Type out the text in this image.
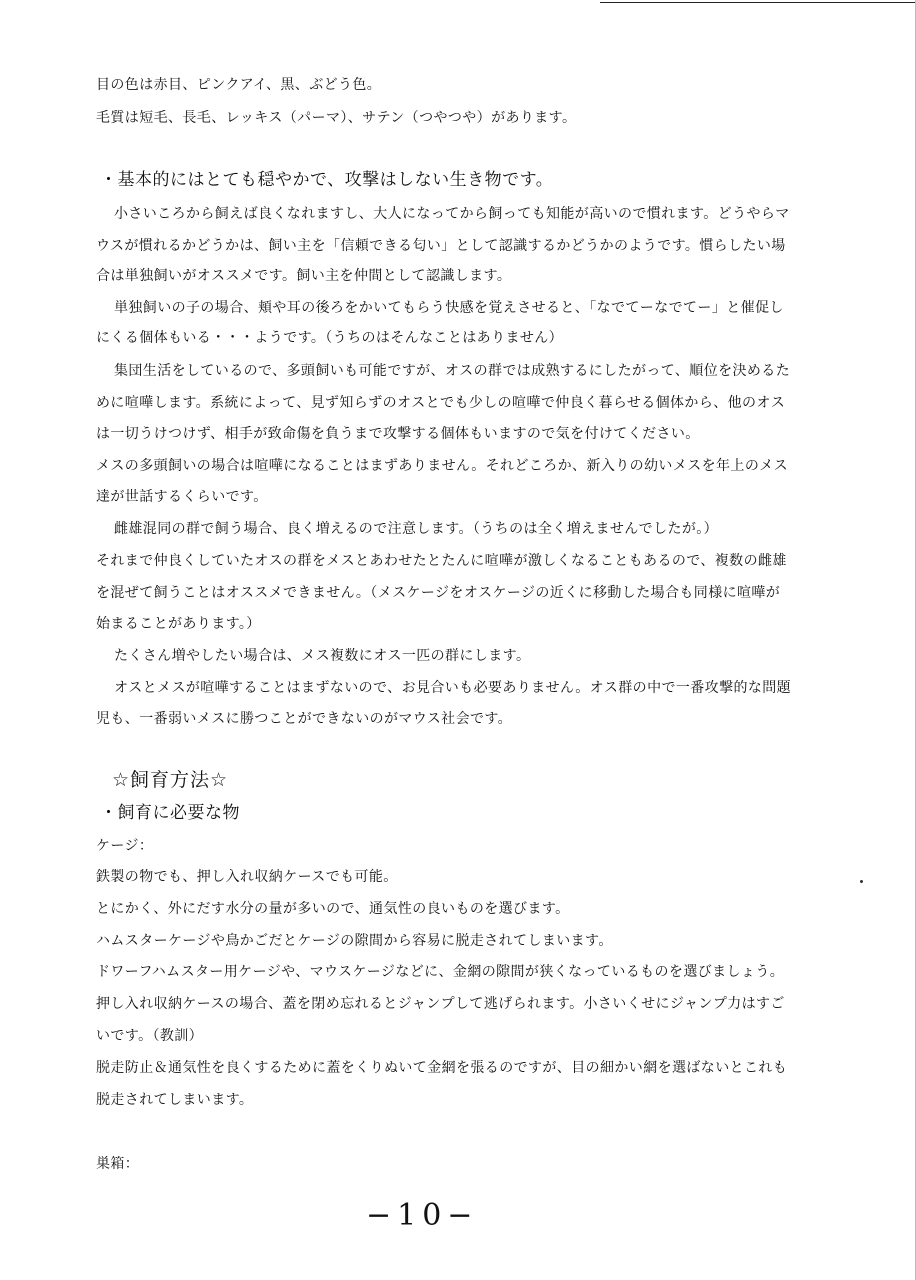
目の色は赤目、ピンクアイ、黒、ぶどう色。
毛質は短毛、長毛、レッキス（パーマ）、サテン（つやつや）があります。
・基本的にはとても穏やかで、攻撃はしない生き物です。
小さいころから飼えば良くなれますし、大人になってから飼っても知能が高いので慣れます。どうやらマ
ウスが慣れるかどうかは、飼い主を「信頼できる匂い」として認識するかどうかのようです。慣らしたい場
合は単独飼いがオススメです。飼い主を仲間として認識します。
単独飼いの子の場合、頬や耳の後ろをかいてもらう快感を覚えさせると、「なでてーなでてー」と催促し
にくる個体もいる・・・ようです。（うちのはそんなことはありません）
集団生活をしているので、多頭飼いも可能ですが、オスの群では成熟するにしたがって、順位を決めるた
めに喧嘩します。系統によって、見ず知らずのオスとでも少しの喧嘩で仲良く暮らせる個体から、他のオス
は一切うけつけず、相手が致命傷を負うまで攻撃する個体もいますので気を付けてください。
メスの多頭飼いの場合は喧嘩になることはまずありません。それどころか、新入りの幼いメスを年上のメス
達が世話するくらいです。
雌雄混同の群で飼う場合、良く増えるので注意します。（うちのは全く増えませんでしたが。）
それまで仲良くしていたオスの群をメスとあわせたとたんに喧嘩が激しくなることもあるので、複数の雌雄
を混ぜて飼うことはオススメできません。（メスケージをオスケージの近くに移動した場合も同様に喧嘩が
始まることがあります。）
たくさん増やしたい場合は、メス複数にオス一匹の群にします。
オスとメスが喧嘩することはまずないので、お見合いも必要ありません。オス群の中で一番攻撃的な問題
児も、一番弱いメスに勝つことができないのがマウス社会です。
☆飼育方法☆
・飼育に必要な物
ケージ：
鉄製の物でも、押し入れ収納ケースでも可能。
とにかく、外にだす水分の量が多いので、通気性の良いものを選びます。
ハムスターケージや鳥かごだとケージの隙間から容易に脱走されてしまいます。
ドワーフハムスター用ケージや、マウスケージなどに、金網の隙間が狭くなっているものを選びましょう。
押し入れ収納ケースの場合、蓋を閉め忘れるとジャンプして逃げられます。小さいくせにジャンプ力はすご
いです。（教訓）
脱走防止＆通気性を良くするために蓋をくりぬいて金網を張るのですが、目の細かい網を選ばないとこれも
脱走されてしまいます。
巣箱：
−10−
